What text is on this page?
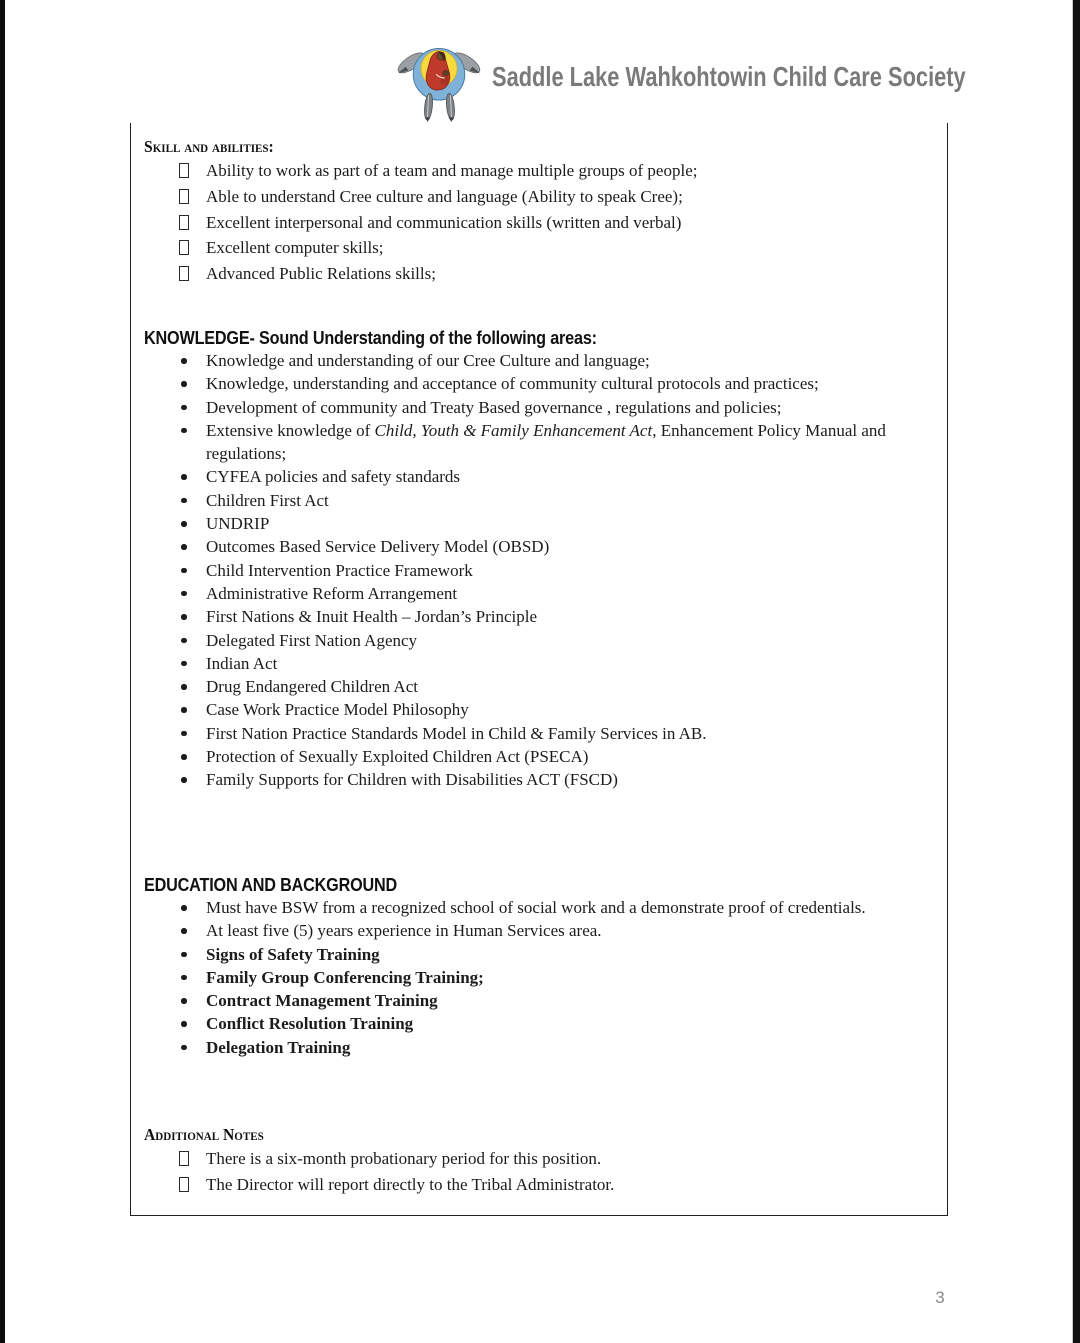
Saddle Lake Wahkohtowin Child Care Society
Skill and abilities:
Ability to work as part of a team and manage multiple groups of people;
Able to understand Cree culture and language (Ability to speak Cree);
Excellent interpersonal and communication skills (written and verbal)
Excellent computer skills;
Advanced Public Relations skills;
KNOWLEDGE- Sound Understanding of the following areas:
Knowledge and understanding of our Cree Culture and language;
Knowledge, understanding and acceptance of community cultural protocols and practices;
Development of community and Treaty Based governance , regulations and policies;
Extensive knowledge of Child, Youth & Family Enhancement Act, Enhancement Policy Manual and regulations;
CYFEA policies and safety standards
Children First Act
UNDRIP
Outcomes Based Service Delivery Model (OBSD)
Child Intervention Practice Framework
Administrative Reform Arrangement
First Nations & Inuit Health – Jordan’s Principle
Delegated First Nation Agency
Indian Act
Drug Endangered Children Act
Case Work Practice Model Philosophy
First Nation Practice Standards Model in Child & Family Services in AB.
Protection of Sexually Exploited Children Act (PSECA)
Family Supports for Children with Disabilities ACT (FSCD)
EDUCATION AND BACKGROUND
Must have BSW from a recognized school of social work and a demonstrate proof of credentials.
At least five (5) years experience in Human Services area.
Signs of Safety Training
Family Group Conferencing Training;
Contract Management Training
Conflict Resolution Training
Delegation Training
Additional Notes
There is a six-month probationary period for this position.
The Director will report directly to the Tribal Administrator.
3
